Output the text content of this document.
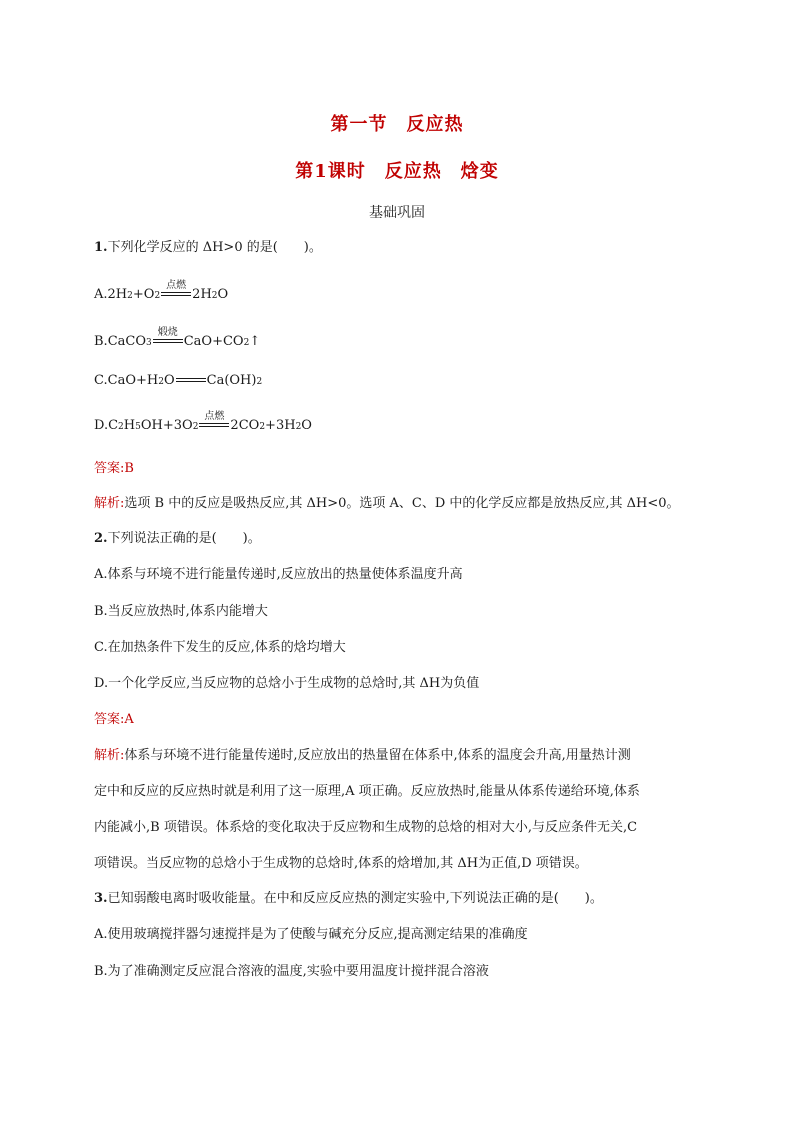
第一节　反应热
第1课时　反应热　焓变
基础巩固
1.下列化学反应的 ΔH>0 的是(　　)。
A. 2H 2 +O 2
点燃
2H 2 O
B. CaCO 3
煅烧
CaO+CO 2 ↑
C. CaO+H 2 O Ca(OH) 2
D. C 2 H 5 OH+3O 2
点燃
2CO 2 +3H 2 O
答案:B
解析:选项 B 中的反应是吸热反应,其 ΔH>0。选项 A、C、D 中的化学反应都是放热反应,其 ΔH<0。
2.下列说法正确的是(　　)。
A.体系与环境不进行能量传递时,反应放出的热量使体系温度升高
B.当反应放热时,体系内能增大
C.在加热条件下发生的反应,体系的焓均增大
D.一个化学反应,当反应物的总焓小于生成物的总焓时,其 ΔH为负值
答案:A
解析:体系与环境不进行能量传递时,反应放出的热量留在体系中,体系的温度会升高,用量热计测
定中和反应的反应热时就是利用了这一原理,A 项正确。反应放热时,能量从体系传递给环境,体系
内能减小,B 项错误。体系焓的变化取决于反应物和生成物的总焓的相对大小,与反应条件无关,C
项错误。当反应物的总焓小于生成物的总焓时,体系的焓增加,其 ΔH为正值,D 项错误。
3.已知弱酸电离时吸收能量。在中和反应反应热的测定实验中,下列说法正确的是(　　)。
A.使用玻璃搅拌器匀速搅拌是为了使酸与碱充分反应,提高测定结果的准确度
B.为了准确测定反应混合溶液的温度,实验中要用温度计搅拌混合溶液
